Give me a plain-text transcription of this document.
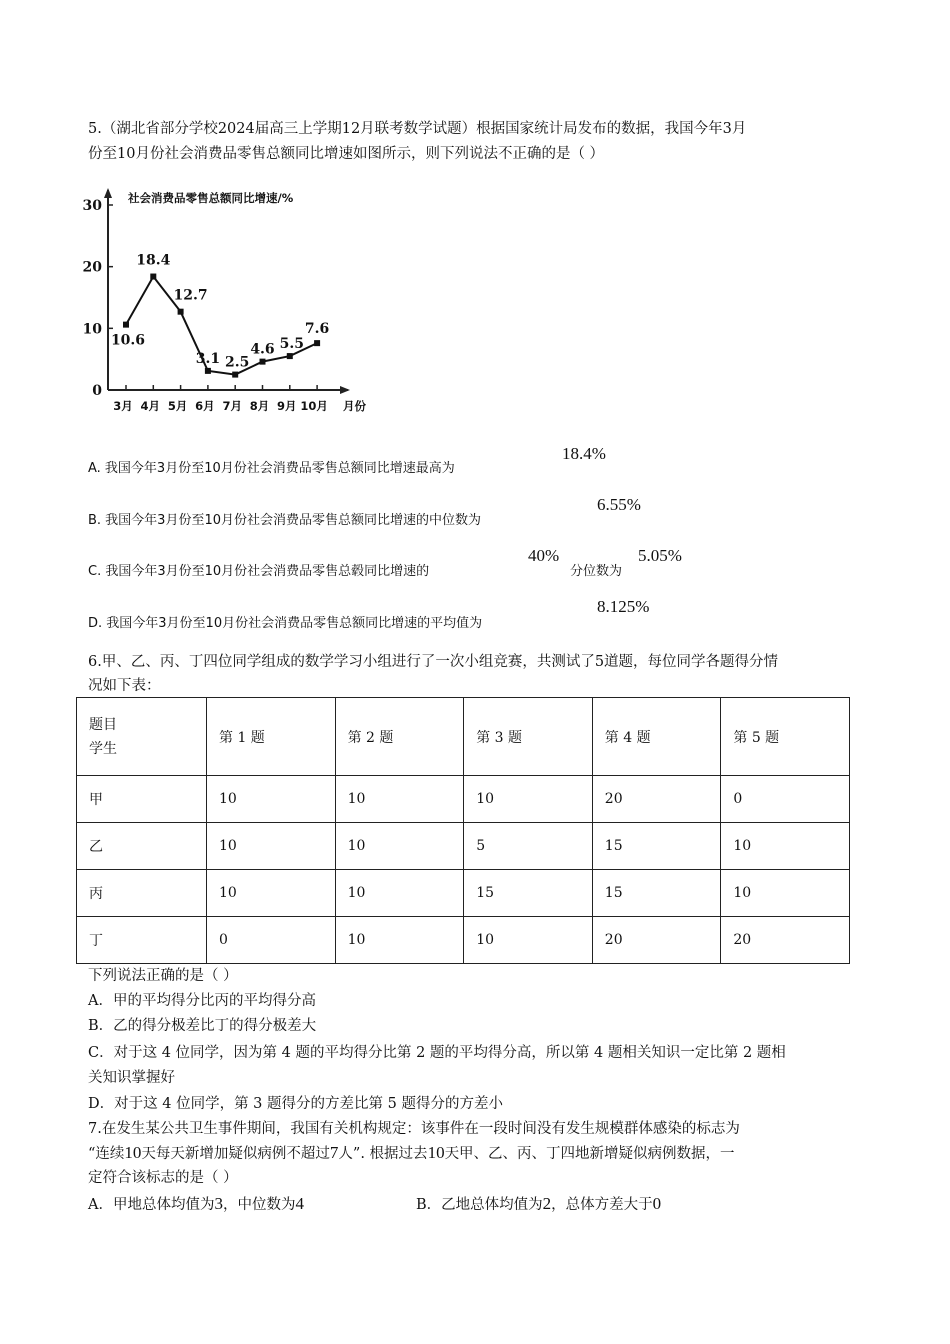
5.（湖北省部分学校2024届高三上学期12月联考数学试题）根据国家统计局发布的数据，我国今年3月
份至10月份社会消费品零售总额同比增速如图所示，则下列说法不正确的是（ ）
0
10
20
30
3月 4月 5月 6月 7月 8月 9月 10月 月份
社会消费品零售总额同比增速/%
10.6
18.4
12.7
3.1 2.5
4.6 5.5
7.6
A. 我国今年3月份至10月份社会消费品零售总额同比增速最高为
18.4%
B. 我国今年3月份至10月份社会消费品零售总额同比增速的中位数为
6.55%
C. 我国今年3月份至10月份社会消费品零售总毂同比增速的
40%
分位数为
5.05%
D. 我国今年3月份至10月份社会消费品零售总额同比增速的平均值为
8.125%
6.甲、乙、丙、丁四位同学组成的数学学习小组进行了一次小组竞赛，共测试了5道题，每位同学各题得分情
况如下表：
题目
学生	第 1 题	第 2 题	第 3 题	第 4 题	第 5 题
甲	10	10	10	20	0
乙	10	10	5	15	10
丙	10	10	15	15	10
丁	0	10	10	20	20
下列说法正确的是（ ）
A．甲的平均得分比丙的平均得分高
B．乙的得分极差比丁的得分极差大
C．对于这 4 位同学，因为第 4 题的平均得分比第 2 题的平均得分高，所以第 4 题相关知识一定比第 2 题相
关知识掌握好
D．对于这 4 位同学，第 3 题得分的方差比第 5 题得分的方差小
7.在发生某公共卫生事件期间，我国有关机构规定：该事件在一段时间没有发生规模群体感染的标志为
“连续10天每天新增加疑似病例不超过7人”. 根据过去10天甲、乙、丙、丁四地新增疑似病例数据，一
定符合该标志的是（ ）
A．甲地总体均值为3，中位数为4	B．乙地总体均值为2，总体方差大于0
